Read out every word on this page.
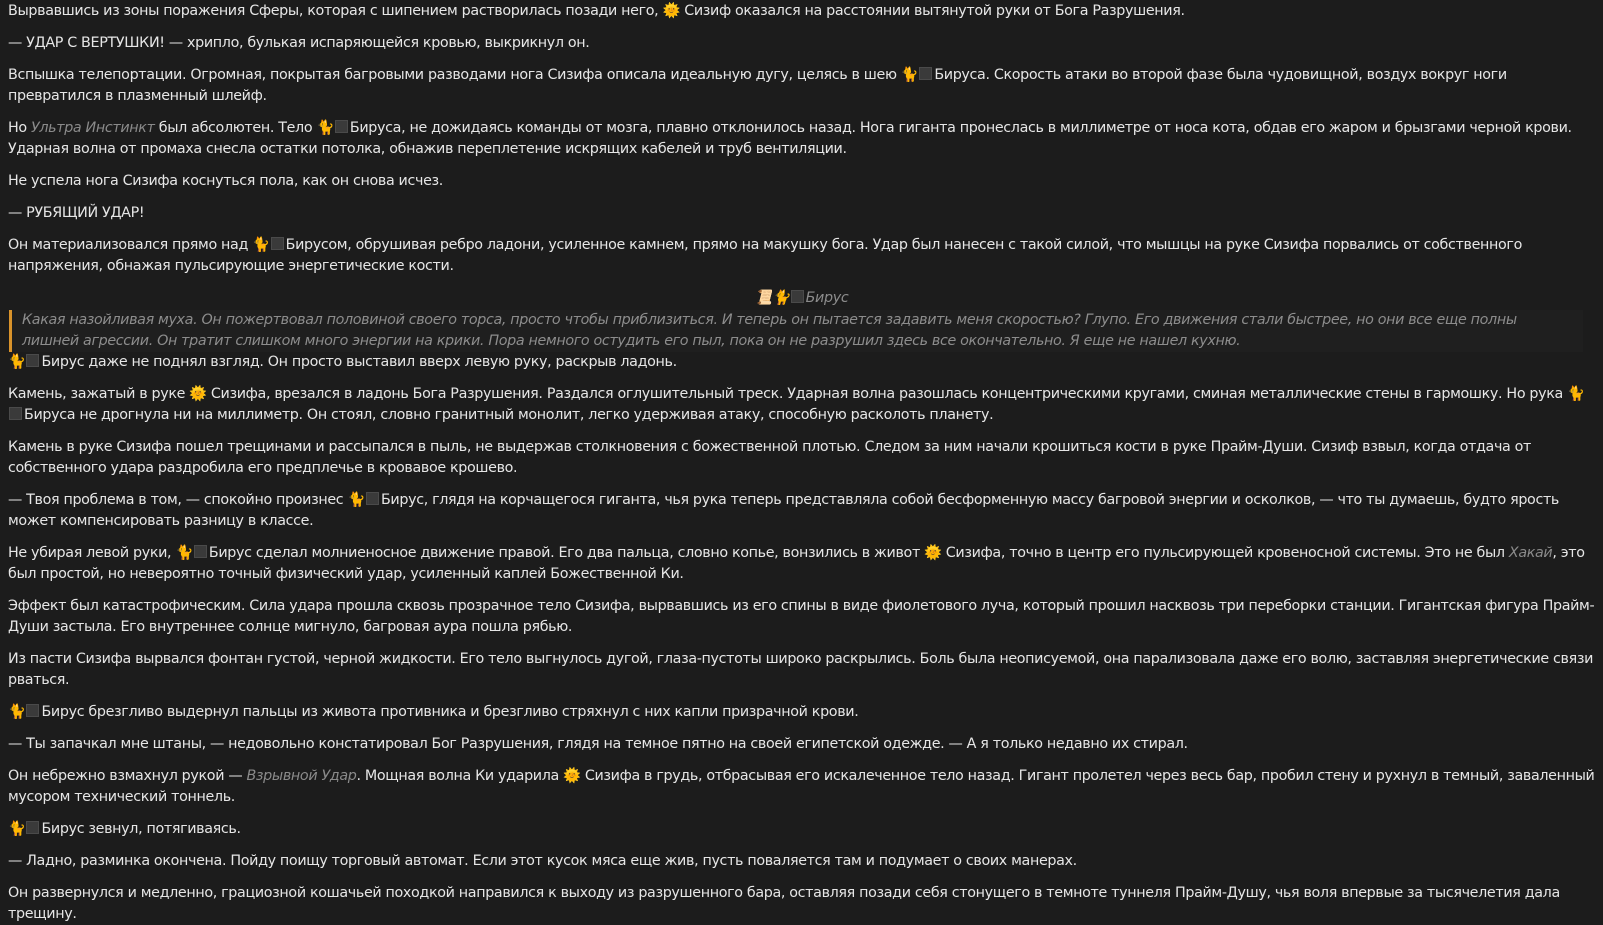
Вырвавшись из зоны поражения Сферы, которая с шипением растворилась позади него, 🌞 Сизиф оказался на расстоянии вытянутой руки от Бога Разрушения.

— УДАР С ВЕРТУШКИ! — хрипло, булькая испаряющейся кровью, выкрикнул он.

Вспышка телепортации. Огромная, покрытая багровыми разводами нога Сизифа описала идеальную дугу, целясь в шею 🐈 Бируса. Скорость атаки во второй фазе была чудовищной, воздух вокруг ноги превратился в плазменный шлейф.

Но Ультра Инстинкт был абсолютен. Тело 🐈 Бируса, не дожидаясь команды от мозга, плавно отклонилось назад. Нога гиганта пронеслась в миллиметре от носа кота, обдав его жаром и брызгами черной крови. Ударная волна от промаха снесла остатки потолка, обнажив переплетение искрящих кабелей и труб вентиляции.

Не успела нога Сизифа коснуться пола, как он снова исчез.

— РУБЯЩИЙ УДАР!

Он материализовался прямо над 🐈 Бирусом, обрушивая ребро ладони, усиленное камнем, прямо на макушку бога. Удар был нанесен с такой силой, что мышцы на руке Сизифа порвались от собственного напряжения, обнажая пульсирующие энергетические кости.

📜🐈 Бирус
Какая назойливая муха. Он пожертвовал половиной своего торса, просто чтобы приблизиться. И теперь он пытается задавить меня скоростью? Глупо. Его движения стали быстрее, но они все еще полны лишней агрессии. Он тратит слишком много энергии на крики. Пора немного остудить его пыл, пока он не разрушил здесь все окончательно. Я еще не нашел кухню.

🐈 Бирус даже не поднял взгляд. Он просто выставил вверх левую руку, раскрыв ладонь.

Камень, зажатый в руке 🌞 Сизифа, врезался в ладонь Бога Разрушения. Раздался оглушительный треск. Ударная волна разошлась концентрическими кругами, сминая металлические стены в гармошку. Но рука 🐈Бируса не дрогнула ни на миллиметр. Он стоял, словно гранитный монолит, легко удерживая атаку, способную расколоть планету.

Камень в руке Сизифа пошел трещинами и рассыпался в пыль, не выдержав столкновения с божественной плотью. Следом за ним начали крошиться кости в руке Прайм-Души. Сизиф взвыл, когда отдача от собственного удара раздробила его предплечье в кровавое крошево.

— Твоя проблема в том, — спокойно произнес 🐈 Бирус, глядя на корчащегося гиганта, чья рука теперь представляла собой бесформенную массу багровой энергии и осколков, — что ты думаешь, будто ярость может компенсировать разницу в классе.

Не убирая левой руки, 🐈 Бирус сделал молниеносное движение правой. Его два пальца, словно копье, вонзились в живот 🌞 Сизифа, точно в центр его пульсирующей кровеносной системы. Это не был Хакай, это был простой, но невероятно точный физический удар, усиленный каплей Божественной Ки.

Эффект был катастрофическим. Сила удара прошла сквозь прозрачное тело Сизифа, вырвавшись из его спины в виде фиолетового луча, который прошил насквозь три переборки станции. Гигантская фигура Прайм-Души застыла. Его внутреннее солнце мигнуло, багровая аура пошла рябью.

Из пасти Сизифа вырвался фонтан густой, черной жидкости. Его тело выгнулось дугой, глаза-пустоты широко раскрылись. Боль была неописуемой, она парализовала даже его волю, заставляя энергетические связи рваться.

🐈 Бирус брезгливо выдернул пальцы из живота противника и брезгливо стряхнул с них капли призрачной крови.

— Ты запачкал мне штаны, — недовольно констатировал Бог Разрушения, глядя на темное пятно на своей египетской одежде. — А я только недавно их стирал.

Он небрежно взмахнул рукой — Взрывной Удар. Мощная волна Ки ударила 🌞 Сизифа в грудь, отбрасывая его искалеченное тело назад. Гигант пролетел через весь бар, пробил стену и рухнул в темный, заваленный мусором технический тоннель.

🐈 Бирус зевнул, потягиваясь.

— Ладно, разминка окончена. Пойду поищу торговый автомат. Если этот кусок мяса еще жив, пусть поваляется там и подумает о своих манерах.

Он развернулся и медленно, грациозной кошачьей походкой направился к выходу из разрушенного бара, оставляя позади себя стонущего в темноте туннеля Прайм-Душу, чья воля впервые за тысячелетия дала трещину.
